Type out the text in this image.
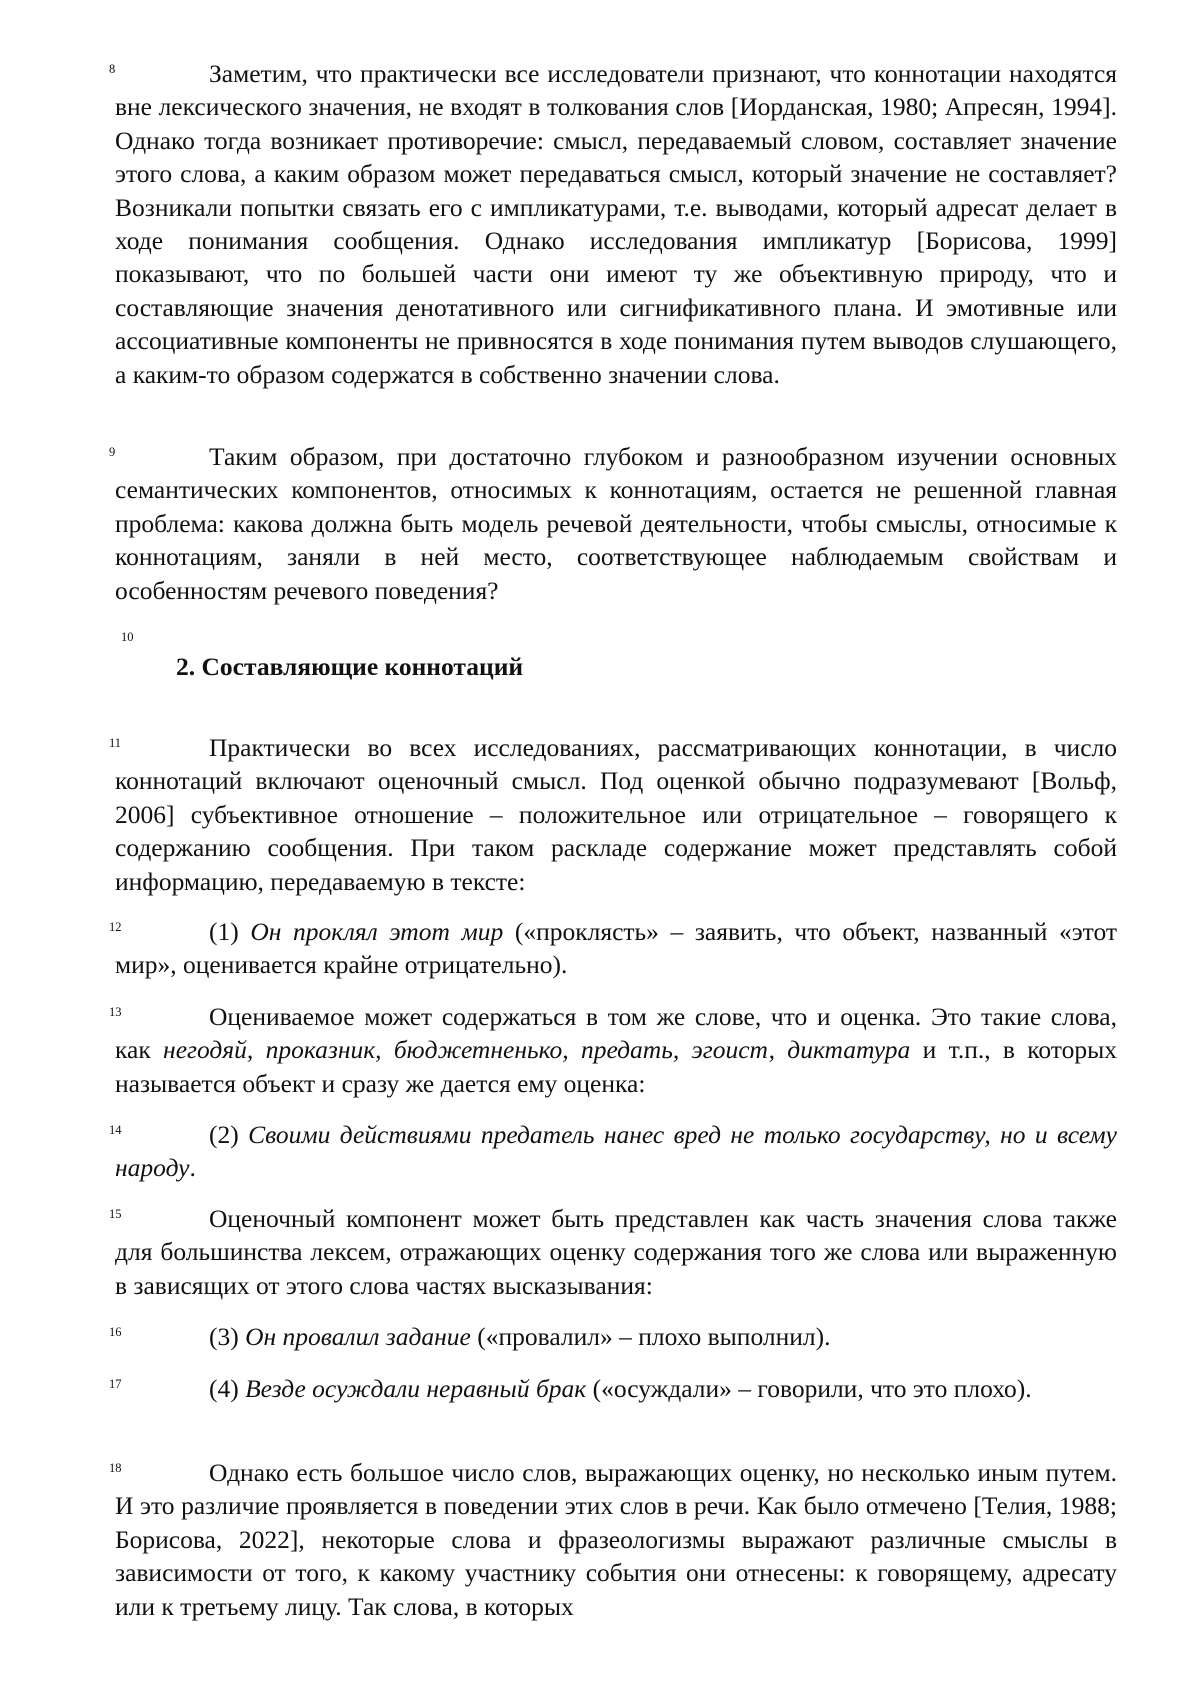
10
2. Составляющие коннотаций
8	Заметим, что практически все исследователи признают, что коннотации находятся вне лексического значения, не входят в толкования слов [Иорданская, 1980; Апресян, 1994]. Однако тогда возникает противоречие: смысл, передаваемый словом, составляет значение этого слова, а каким образом может передаваться смысл, который значение не составляет? Возникали попытки связать его с импликатурами, т.е. выводами, который адресат делает в ходе понимания сообщения. Однако исследования импликатур [Борисова, 1999] показывают, что по большей части они имеют ту же объективную природу, что и составляющие значения денотативного или сигнификативного плана. И эмотивные или ассоциативные компоненты не привносятся в ходе понимания путем выводов слушающего, а каким-то образом содержатся в собственно значении слова.
9	Таким образом, при достаточно глубоком и разнообразном изучении основных семантических компонентов, относимых к коннотациям, остается не решенной главная проблема: какова должна быть модель речевой деятельности, чтобы смыслы, относимые к коннотациям, заняли в ней место, соответствующее наблюдаемым свойствам и особенностям речевого поведения?
11	Практически во всех исследованиях, рассматривающих коннотации, в число коннотаций включают оценочный смысл. Под оценкой обычно подразумевают [Вольф, 2006] субъективное отношение – положительное или отрицательное – говорящего к содержанию сообщения. При таком раскладе содержание может представлять собой информацию, передаваемую в тексте:
12	(1) Он проклял этот мир («проклясть» – заявить, что объект, названный «этот мир», оценивается крайне отрицательно).
13	Оцениваемое может содержаться в том же слове, что и оценка. Это такие слова, как негодяй, проказник, бюджетненько, предать, эгоист, диктатура и т.п., в которых называется объект и сразу же дается ему оценка:
14	(2) Своими действиями предатель нанес вред не только государству, но и всему народу.
15	Оценочный компонент может быть представлен как часть значения слова также для большинства лексем, отражающих оценку содержания того же слова или выраженную в зависящих от этого слова частях высказывания:
16	(3) Он провалил задание («провалил» – плохо выполнил).
17	(4) Везде осуждали неравный брак («осуждали» – говорили, что это плохо).
18	Однако есть большое число слов, выражающих оценку, но несколько иным путем. И это различие проявляется в поведении этих слов в речи. Как было отмечено [Телия, 1988; Борисова, 2022], некоторые слова и фразеологизмы выражают различные смыслы в зависимости от того, к какому участнику события они отнесены: к говорящему, адресату или к третьему лицу. Так слова, в которых
